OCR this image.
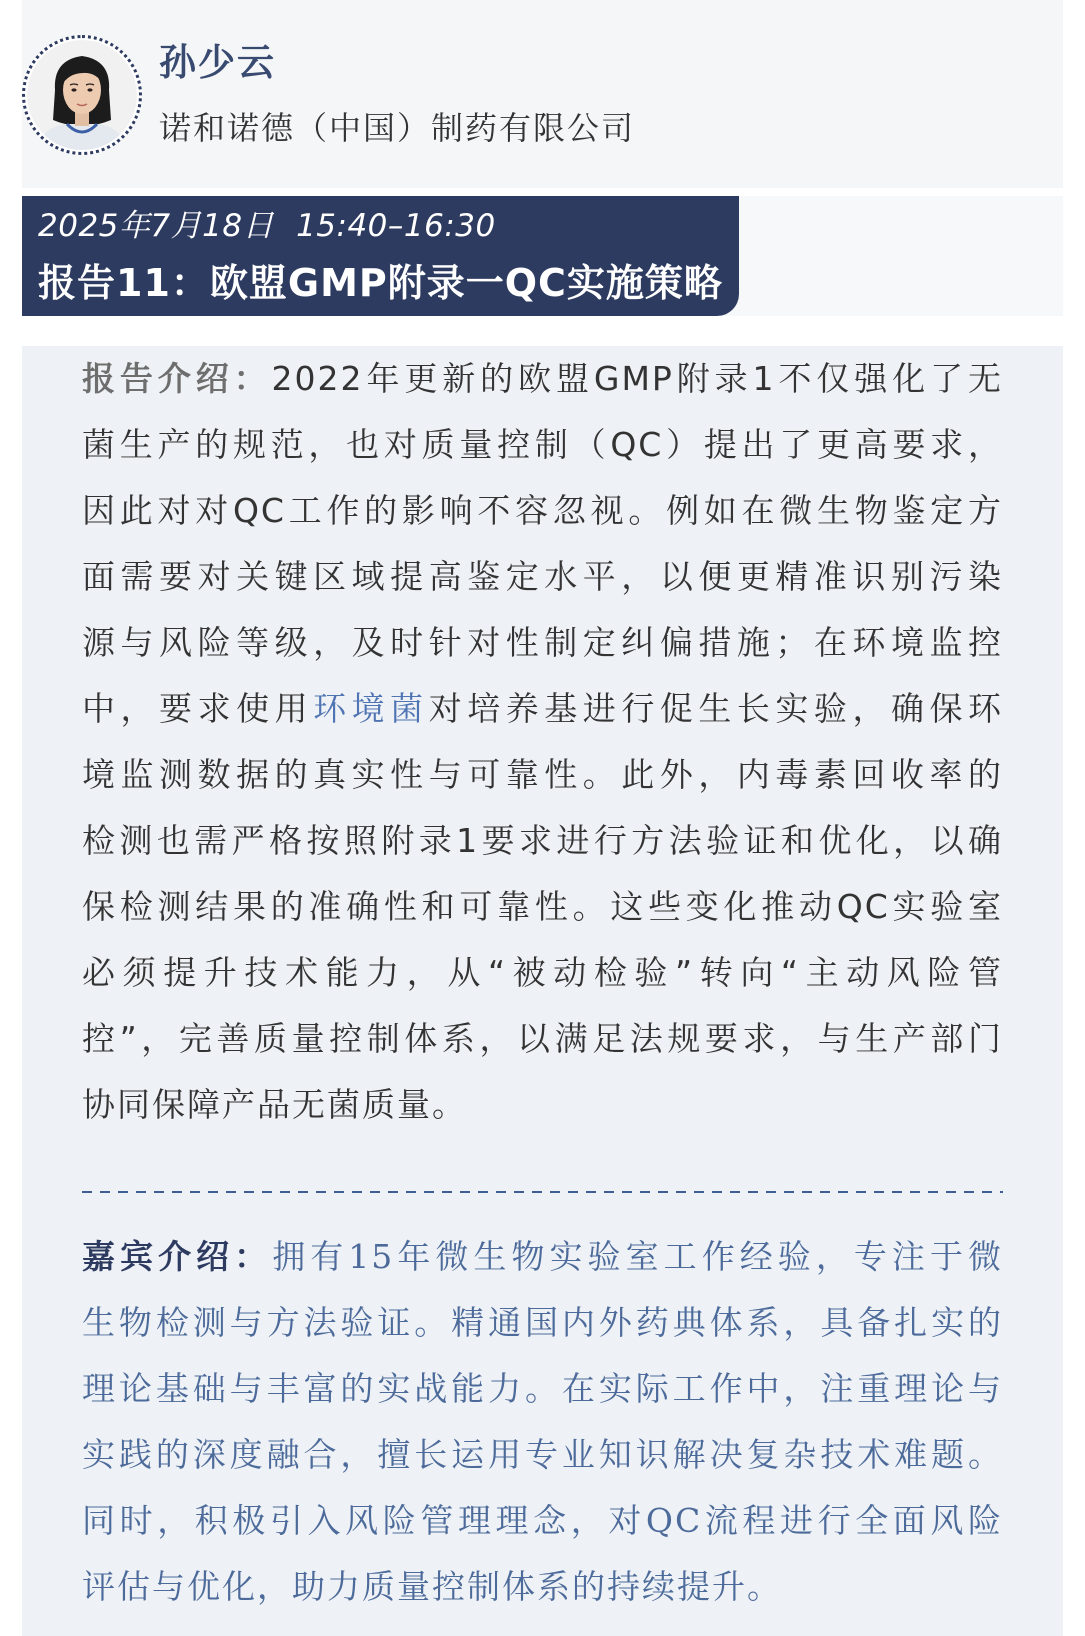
孙少云
诺和诺德（中国）制药有限公司
2025年7月18日 15:40–16:30
报告11：欧盟GMP附录一QC实施策略
报告介绍：2022年更新的欧盟GMP附录1不仅强化了无
菌生产的规范，也对质量控制（QC）提出了更高要求，
因此对对QC工作的影响不容忽视。例如在微生物鉴定方
面需要对关键区域提高鉴定水平，以便更精准识别污染
源与风险等级，及时针对性制定纠偏措施；在环境监控
中，要求使用环境菌对培养基进行促生长实验，确保环
境监测数据的真实性与可靠性。此外，内毒素回收率的
检测也需严格按照附录1要求进行方法验证和优化，以确
保检测结果的准确性和可靠性。这些变化推动QC实验室
必须提升技术能力，从“被动检验”转向“主动风险管
控”，完善质量控制体系，以满足法规要求，与生产部门
协同保障产品无菌质量。
嘉宾介绍：拥有15年微生物实验室工作经验，专注于微
生物检测与方法验证。精通国内外药典体系，具备扎实的
理论基础与丰富的实战能力。在实际工作中，注重理论与
实践的深度融合，擅长运用专业知识解决复杂技术难题。
同时，积极引入风险管理理念，对QC流程进行全面风险
评估与优化，助力质量控制体系的持续提升。
